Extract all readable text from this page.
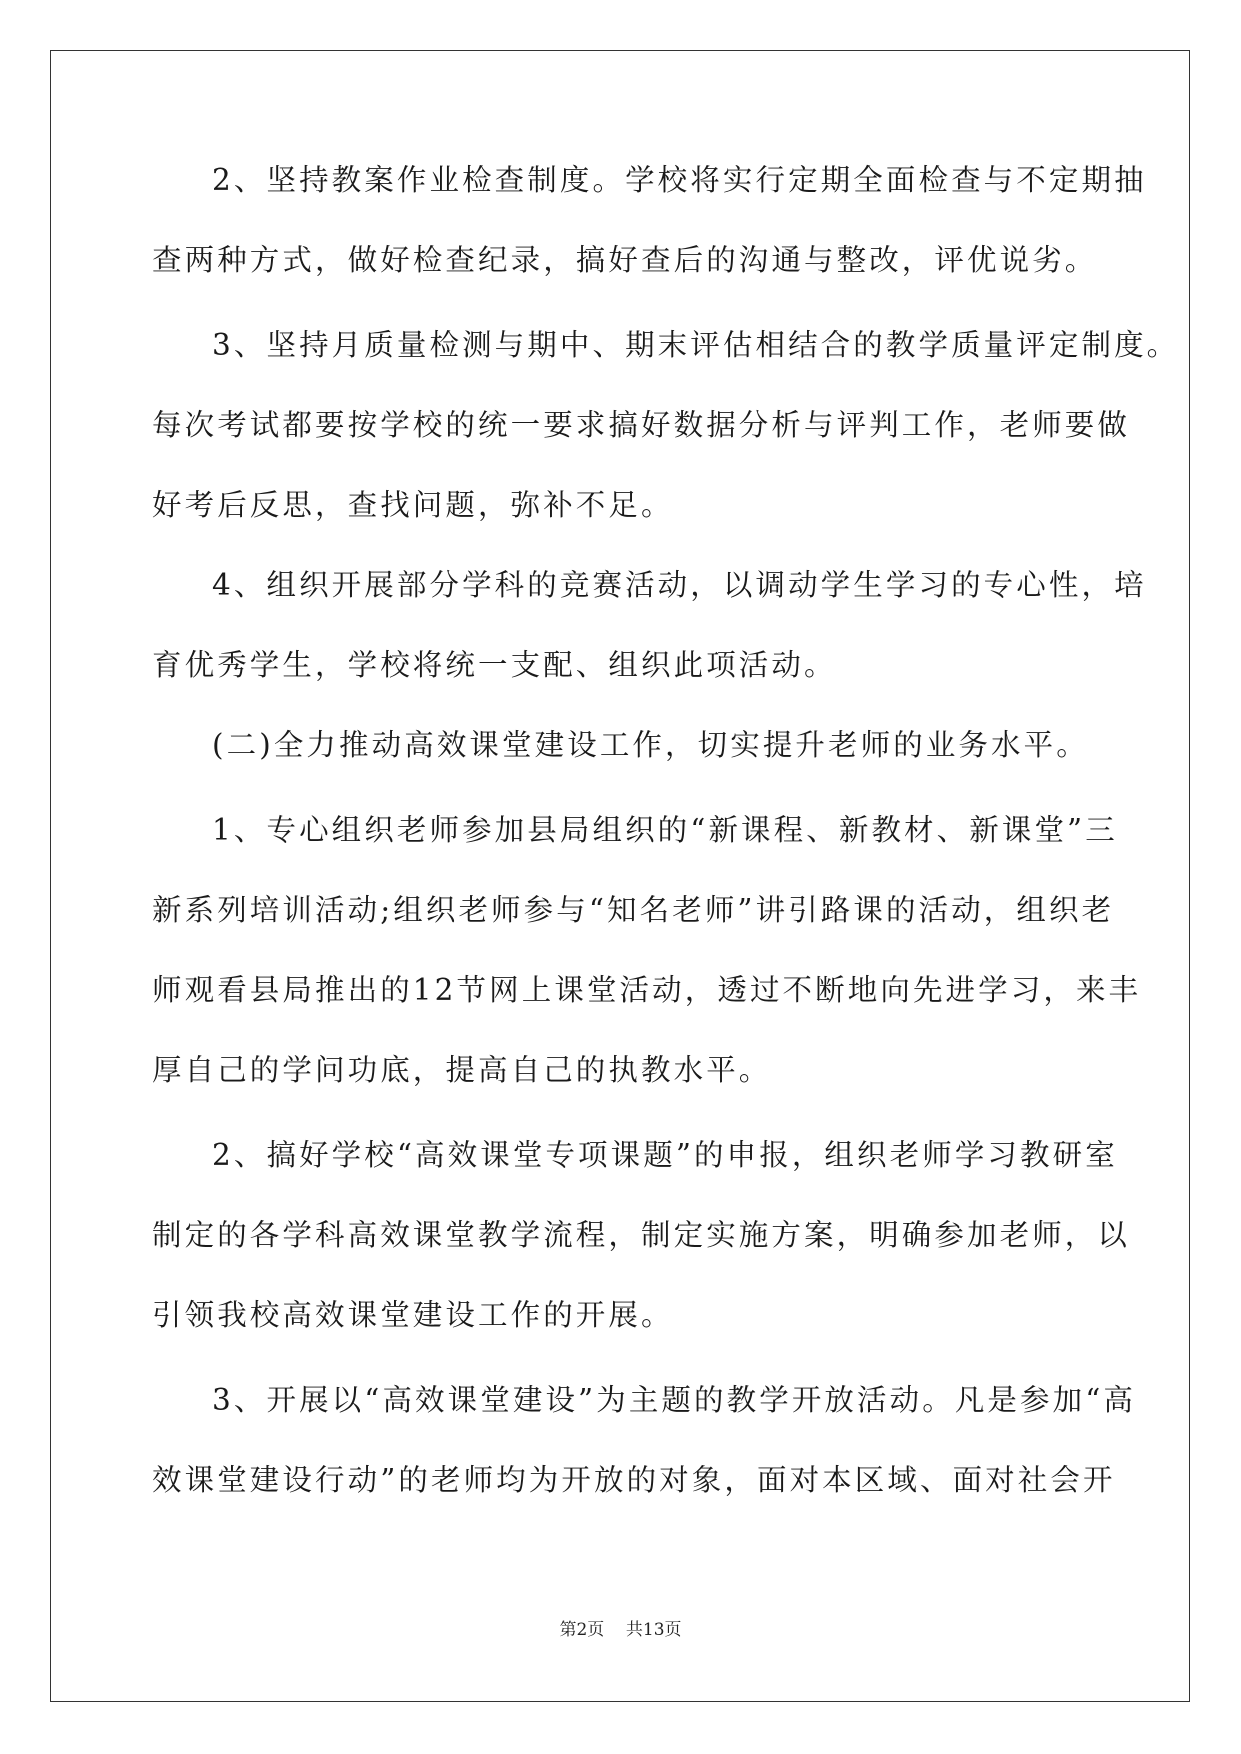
2、坚持教案作业检查制度。学校将实行定期全面检查与不定期抽
查两种方式，做好检查纪录，搞好查后的沟通与整改，评优说劣。
3、坚持月质量检测与期中、期末评估相结合的教学质量评定制度。
每次考试都要按学校的统一要求搞好数据分析与评判工作，老师要做
好考后反思，查找问题，弥补不足。
4、组织开展部分学科的竞赛活动，以调动学生学习的专心性，培
育优秀学生，学校将统一支配、组织此项活动。
(二)全力推动高效课堂建设工作，切实提升老师的业务水平。
1、专心组织老师参加县局组织的“新课程、新教材、新课堂”三
新系列培训活动;组织老师参与“知名老师”讲引路课的活动，组织老
师观看县局推出的12节网上课堂活动，透过不断地向先进学习，来丰
厚自己的学问功底，提高自己的执教水平。
2、搞好学校“高效课堂专项课题”的申报，组织老师学习教研室
制定的各学科高效课堂教学流程，制定实施方案，明确参加老师，以
引领我校高效课堂建设工作的开展。
3、开展以“高效课堂建设”为主题的教学开放活动。凡是参加“高
效课堂建设行动”的老师均为开放的对象，面对本区域、面对社会开
第2页 共13页
